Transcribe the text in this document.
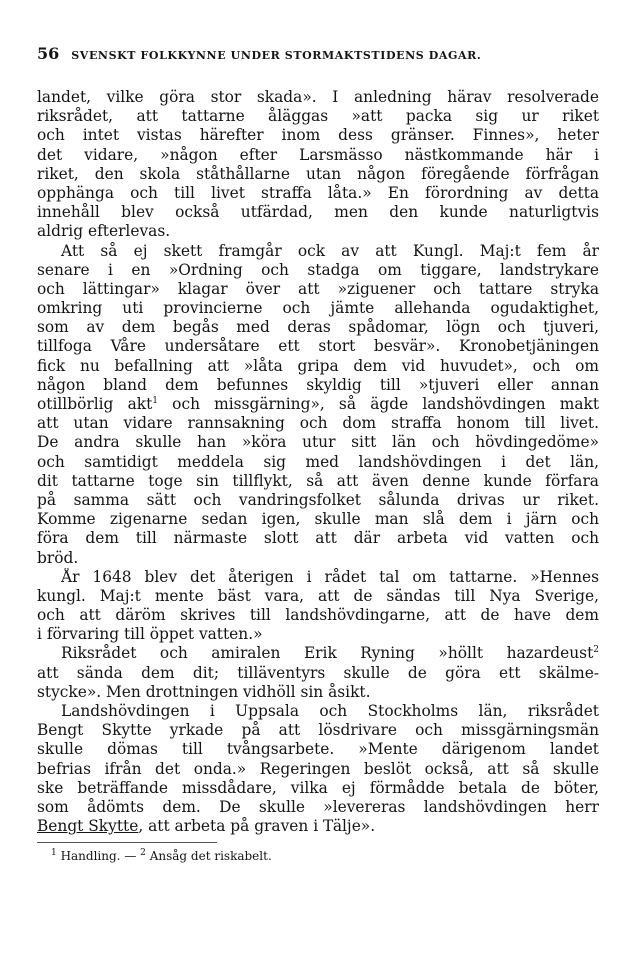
56 SVENSKT FOLKKYNNE UNDER STORMAKTSTIDENS DAGAR.
landet, vilke göra stor skada». I anledning härav resolverade
riksrådet, att tattarne åläggas »att packa sig ur riket
och intet vistas härefter inom dess gränser. Finnes», heter
det vidare, »någon efter Larsmässo nästkommande här i
riket, den skola ståthållarne utan någon föregående förfrågan
opphänga och till livet straffa låta.» En förordning av detta
innehåll blev också utfärdad, men den kunde naturligtvis
aldrig efterlevas.
Att så ej skett framgår ock av att Kungl. Maj:t fem år
senare i en »Ordning och stadga om tiggare, landstrykare
och lättingar» klagar över att »ziguener och tattare stryka
omkring uti provincierne och jämte allehanda ogudaktighet,
som av dem begås med deras spådomar, lögn och tjuveri,
tillfoga Våre undersåtare ett stort besvär». Kronobetjäningen
fick nu befallning att »låta gripa dem vid huvudet», och om
någon bland dem befunnes skyldig till »tjuveri eller annan
otillbörlig akt$^1$ och missgärning», så ägde landshövdingen makt
att utan vidare rannsakning och dom straffa honom till livet.
De andra skulle han »köra utur sitt län och hövdingedöme»
och samtidigt meddela sig med landshövdingen i det län,
dit tattarne toge sin tillflykt, så att även denne kunde förfara
på samma sätt och vandringsfolket sålunda drivas ur riket.
Komme zigenarne sedan igen, skulle man slå dem i järn och
föra dem till närmaste slott att där arbeta vid vatten och
bröd.
År 1648 blev det återigen i rådet tal om tattarne. »Hennes
kungl. Maj:t mente bäst vara, att de sändas till Nya Sverige,
och att däröm skrives till landshövdingarne, att de have dem
i förvaring till öppet vatten.»
Riksrådet och amiralen Erik Ryning »höllt hazardeust$^2$
att sända dem dit; tilläventyrs skulle de göra ett skälme-
stycke». Men drottningen vidhöll sin åsikt.
Landshövdingen i Uppsala och Stockholms län, riksrådet
Bengt Skytte yrkade på att lösdrivare och missgärningsmän
skulle dömas till tvångsarbete. »Mente därigenom landet
befrias ifrån det onda.» Regeringen beslöt också, att så skulle
ske beträffande missdådare, vilka ej förmådde betala de böter,
som ådömts dem. De skulle »levereras landshövdingen herr
Bengt Skytte, att arbeta på graven i Tälje».
$^1$ Handling. — $^2$ Ansåg det riskabelt.
